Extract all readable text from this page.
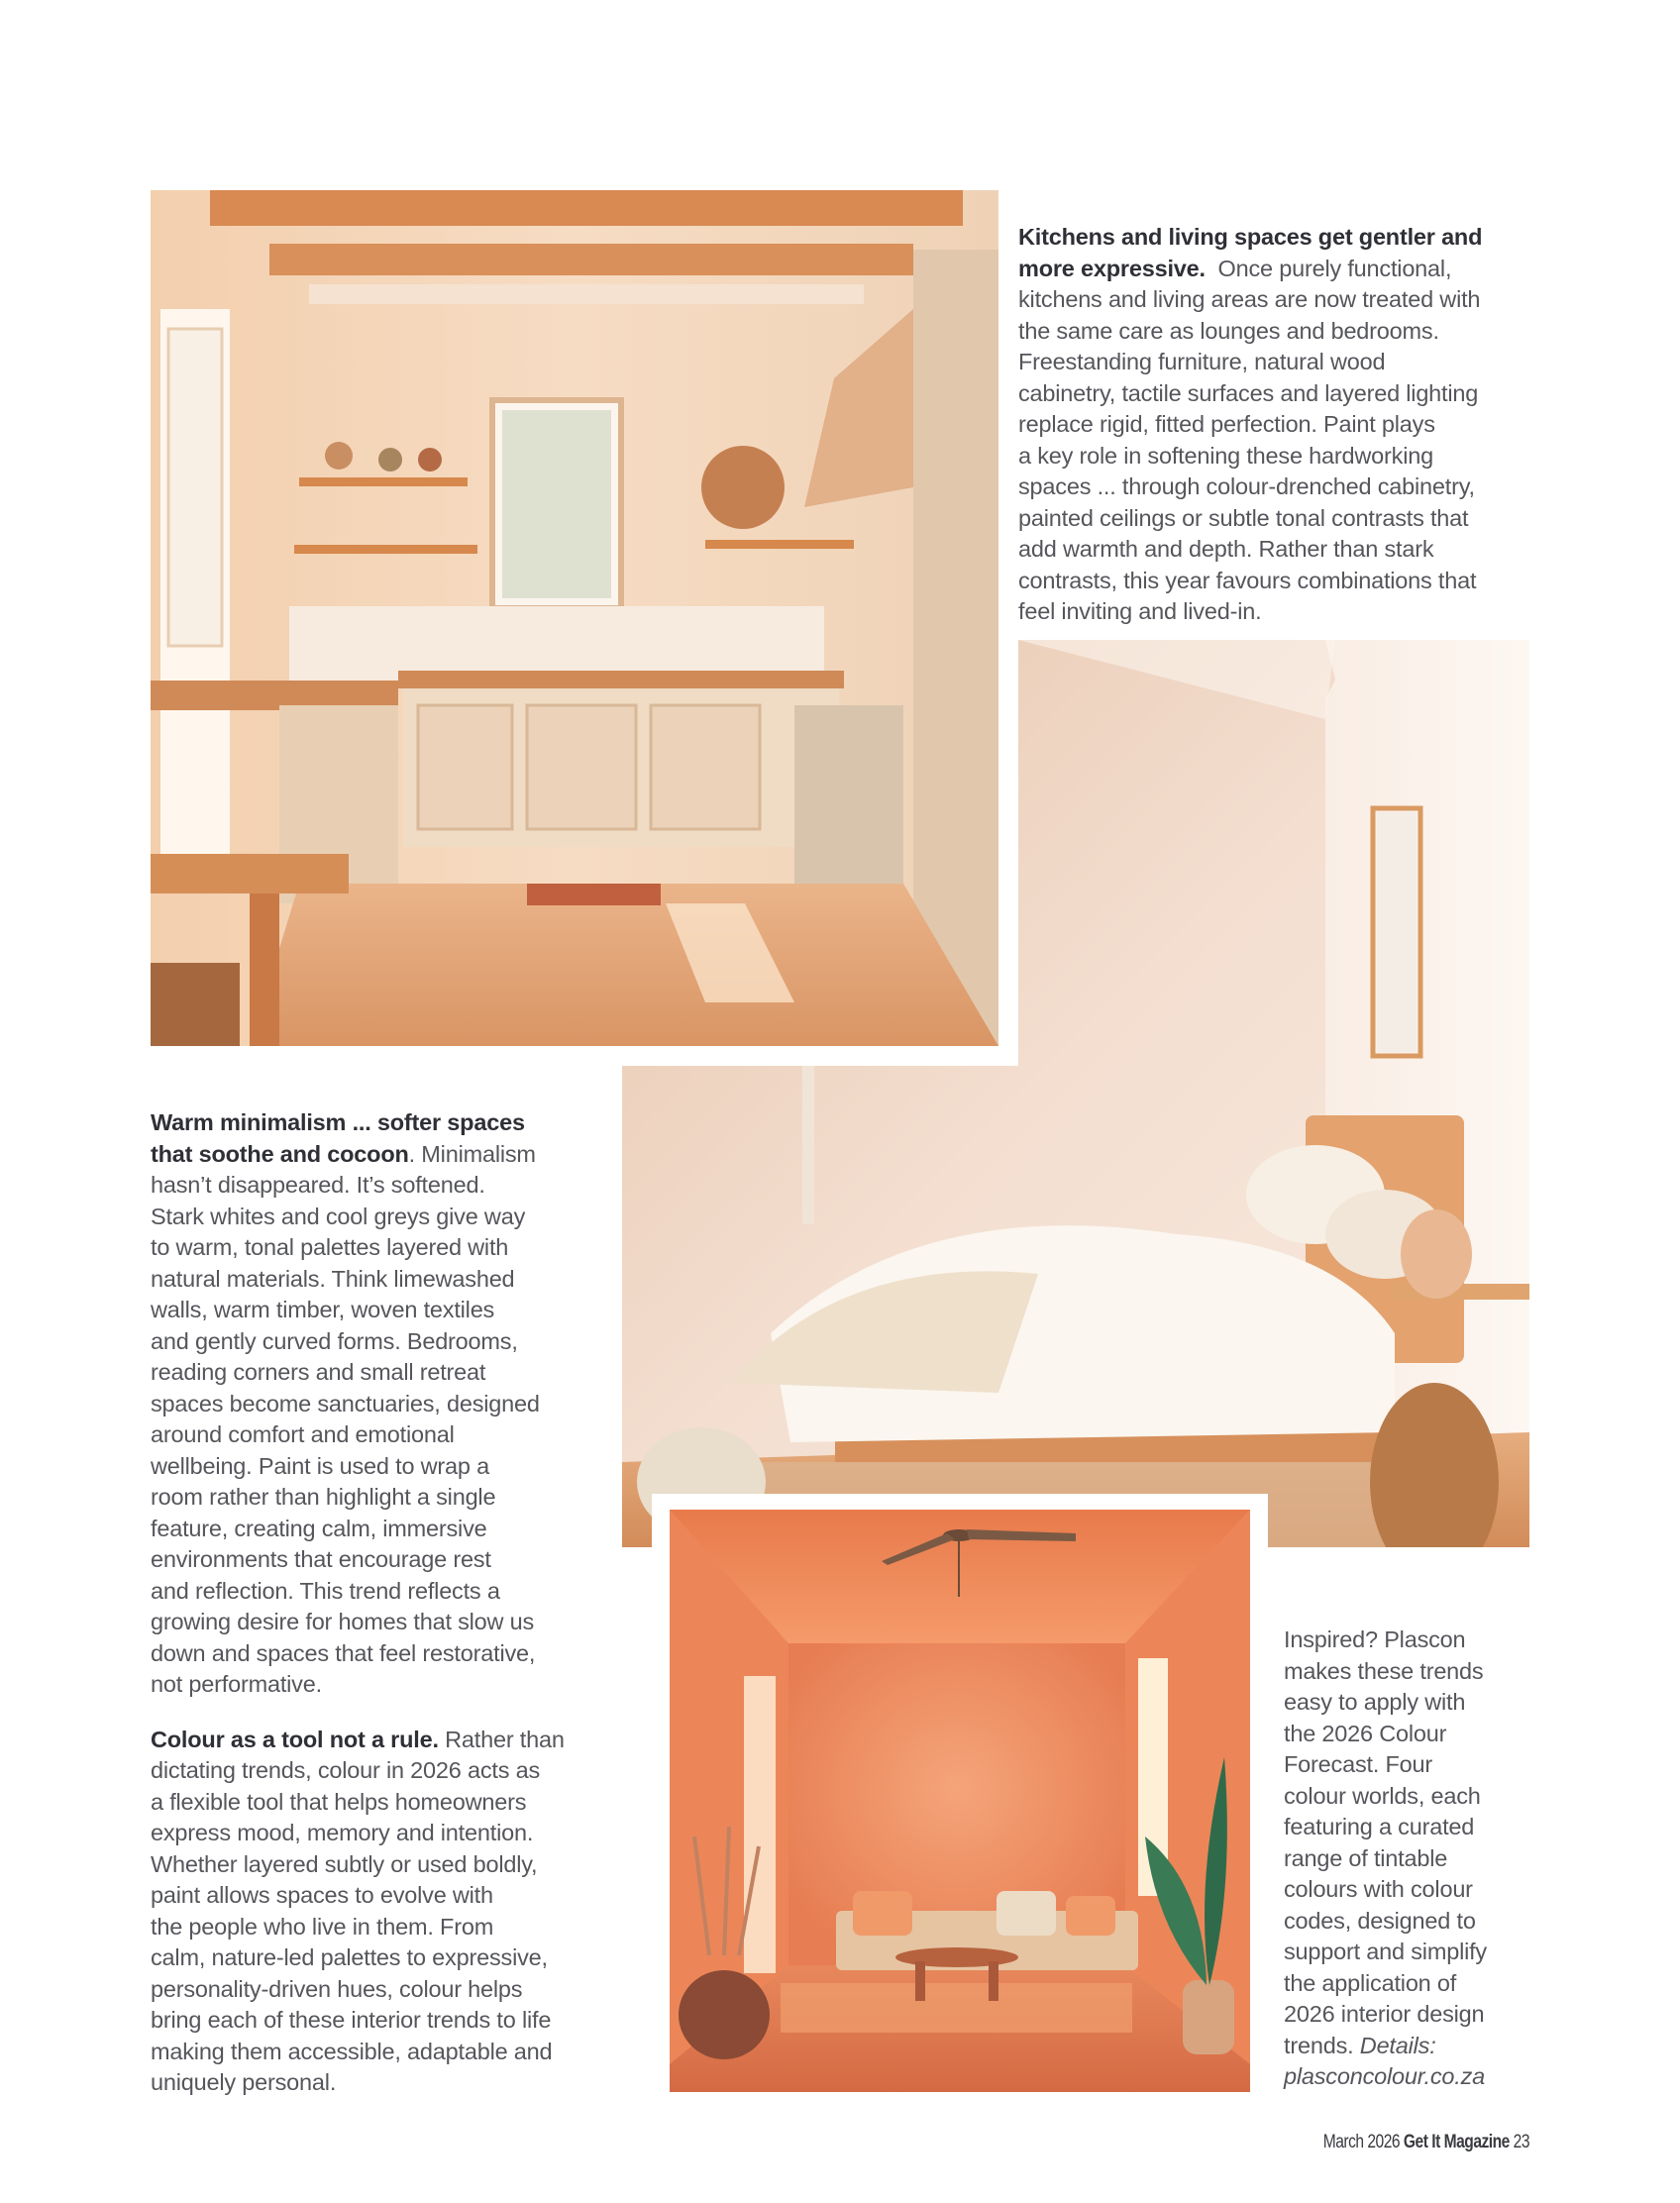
Kitchens and living spaces get gentler and more expressive. Once purely functional,
kitchens and living areas are now treated with
the same care as lounges and bedrooms.
Freestanding furniture, natural wood
cabinetry, tactile surfaces and layered lighting
replace rigid, fitted perfection. Paint plays
a key role in softening these hardworking
spaces ... through colour-drenched cabinetry,
painted ceilings or subtle tonal contrasts that
add warmth and depth. Rather than stark
contrasts, this year favours combinations that
feel inviting and lived-in.

Warm minimalism ... softer spaces
that soothe and cocoon. Minimalism
hasn’t disappeared. It’s softened.
Stark whites and cool greys give way
to warm, tonal palettes layered with
natural materials. Think limewashed
walls, warm timber, woven textiles
and gently curved forms. Bedrooms,
reading corners and small retreat
spaces become sanctuaries, designed
around comfort and emotional
wellbeing. Paint is used to wrap a
room rather than highlight a single
feature, creating calm, immersive
environments that encourage rest
and reflection. This trend reflects a
growing desire for homes that slow us
down and spaces that feel restorative,
not performative.

Colour as a tool not a rule. Rather than
dictating trends, colour in 2026 acts as
a flexible tool that helps homeowners
express mood, memory and intention.
Whether layered subtly or used boldly,
paint allows spaces to evolve with
the people who live in them. From
calm, nature-led palettes to expressive,
personality-driven hues, colour helps
bring each of these interior trends to life
making them accessible, adaptable and
uniquely personal.

Inspired? Plascon
makes these trends
easy to apply with
the 2026 Colour
Forecast. Four
colour worlds, each
featuring a curated
range of tintable
colours with colour
codes, designed to
support and simplify
the application of
2026 interior design
trends. Details:
plasconcolour.co.za

March 2026 Get It Magazine 23
